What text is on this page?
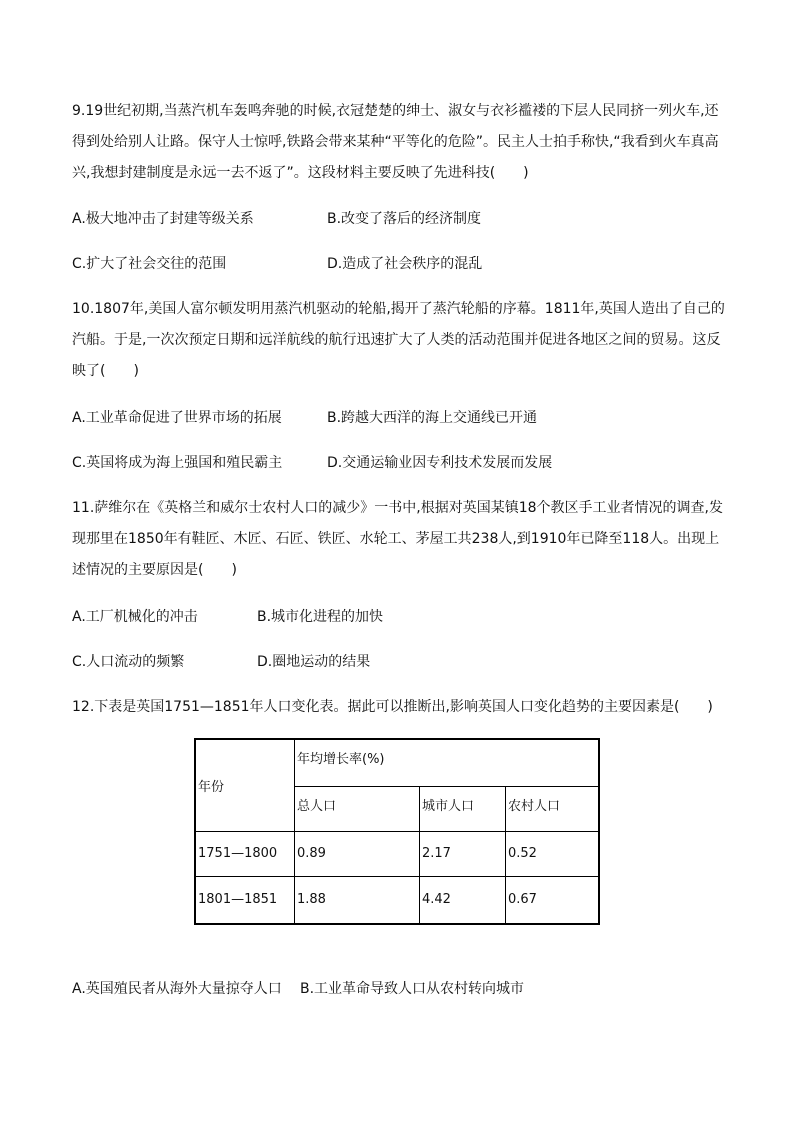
9.19世纪初期,当蒸汽机车轰鸣奔驰的时候,衣冠楚楚的绅士、淑女与衣衫褴褛的下层人民同挤一列火车,还得到处给别人让路。保守人士惊呼,铁路会带来某种“平等化的危险”。民主人士拍手称快,“我看到火车真高兴,我想封建制度是永远一去不返了”。这段材料主要反映了先进科技(　　)

A.极大地冲击了封建等级关系	B.改变了落后的经济制度
C.扩大了社会交往的范围	D.造成了社会秩序的混乱

10.1807年,美国人富尔顿发明用蒸汽机驱动的轮船,揭开了蒸汽轮船的序幕。1811年,英国人造出了自己的汽船。于是,一次次预定日期和远洋航线的航行迅速扩大了人类的活动范围并促进各地区之间的贸易。这反映了(　　)

A.工业革命促进了世界市场的拓展	B.跨越大西洋的海上交通线已开通
C.英国将成为海上强国和殖民霸主	D.交通运输业因专利技术发展而发展

11.萨维尔在《英格兰和威尔士农村人口的减少》一书中,根据对英国某镇18个教区手工业者情况的调查,发现那里在1850年有鞋匠、木匠、石匠、铁匠、水轮工、茅屋工共238人,到1910年已降至118人。出现上述情况的主要原因是(　　)

A.工厂机械化的冲击	B.城市化进程的加快
C.人口流动的频繁	D.圈地运动的结果

12.下表是英国1751—1851年人口变化表。据此可以推断出,影响英国人口变化趋势的主要因素是(　　)

年份	年均增长率(%)		
	总人口	城市人口	农村人口
1751—1800	0.89	2.17	0.52
1801—1851	1.88	4.42	0.67
A.英国殖民者从海外大量掠夺人口 B.工业革命导致人口从农村转向城市
